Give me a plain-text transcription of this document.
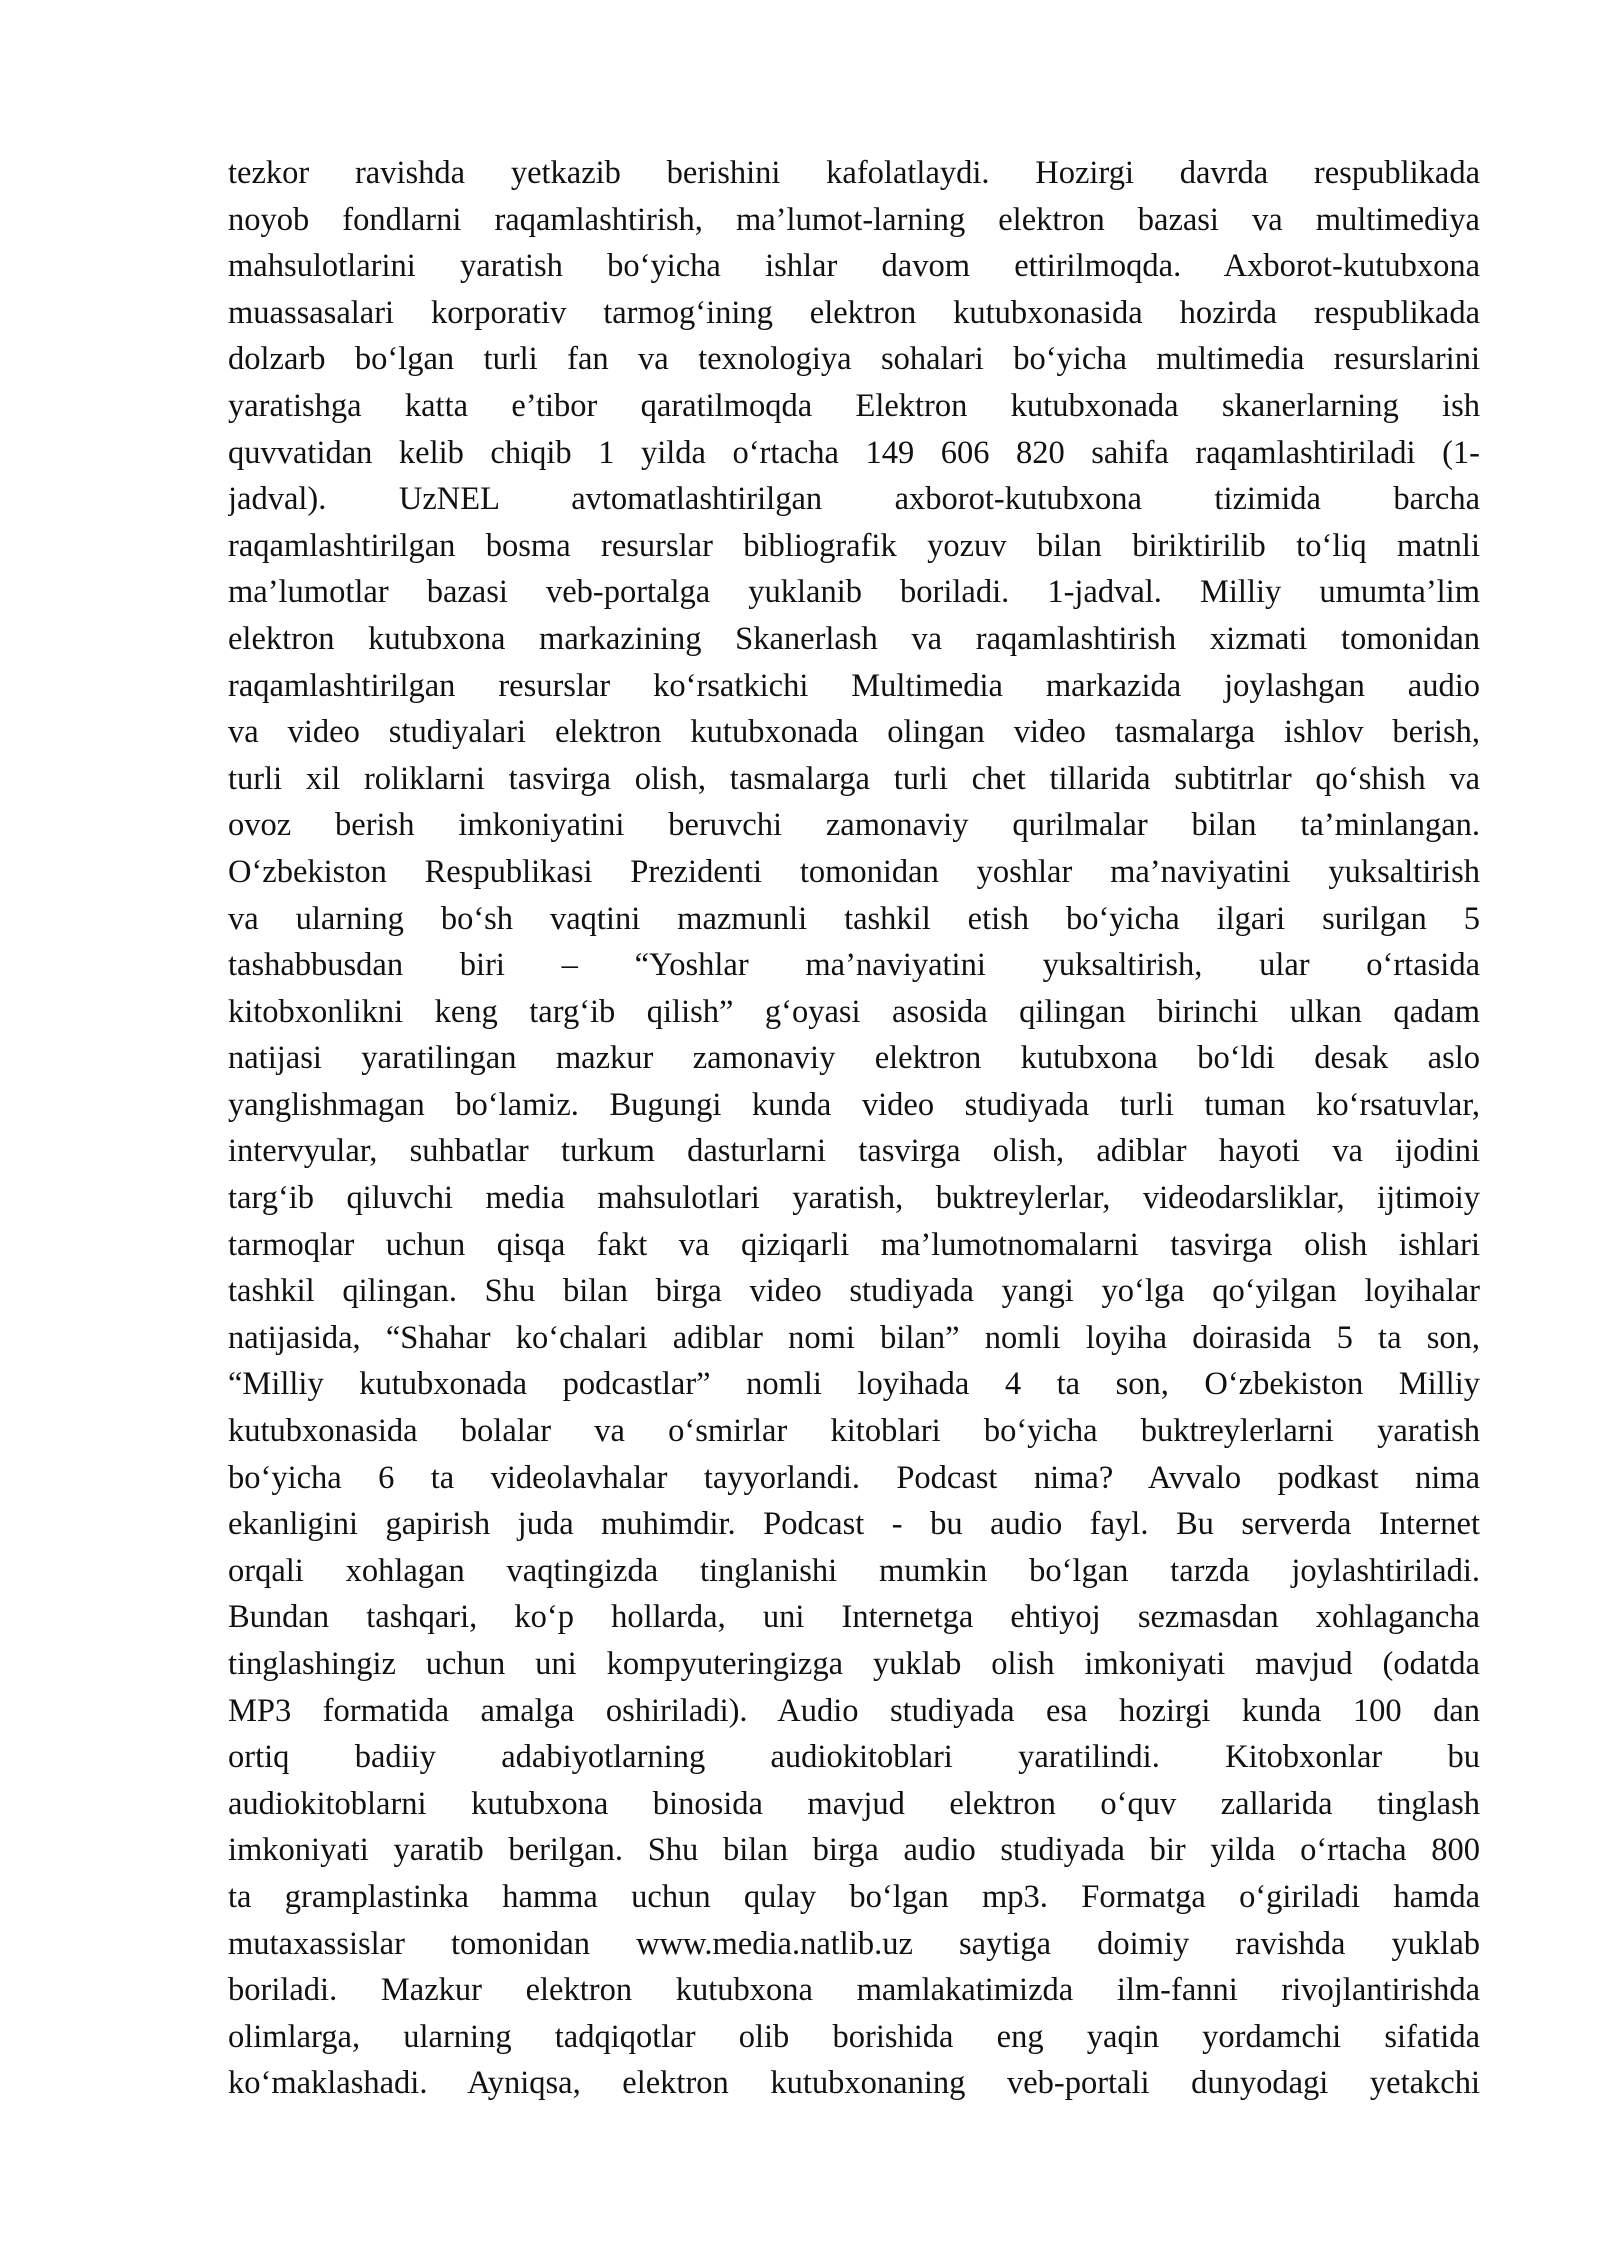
tezkor ravishda yetkazib berishini kafolatlaydi. Hozirgi davrda respublikada
noyob fondlarni raqamlashtirish, ma’lumot-larning elektron bazasi va multimediya
mahsulotlarini yaratish bo‘yicha ishlar davom ettirilmoqda. Axborot-kutubxona
muassasalari korporativ tarmog‘ining elektron kutubxonasida hozirda respublikada
dolzarb bo‘lgan turli fan va texnologiya sohalari bo‘yicha multimedia resurslarini
yaratishga katta e’tibor qaratilmoqda Elektron kutubxonada skanerlarning ish
quvvatidan kelib chiqib 1 yilda o‘rtacha 149 606 820 sahifa raqamlashtiriladi (1-
jadval). UzNEL avtomatlashtirilgan axborot-kutubxona tizimida barcha
raqamlashtirilgan bosma resurslar bibliografik yozuv bilan biriktirilib to‘liq matnli
ma’lumotlar bazasi veb-portalga yuklanib boriladi. 1-jadval. Milliy umumta’lim
elektron kutubxona markazining Skanerlash va raqamlashtirish xizmati tomonidan
raqamlashtirilgan resurslar ko‘rsatkichi Multimedia markazida joylashgan audio
va video studiyalari elektron kutubxonada olingan video tasmalarga ishlov berish,
turli xil roliklarni tasvirga olish, tasmalarga turli chet tillarida subtitrlar qo‘shish va
ovoz berish imkoniyatini beruvchi zamonaviy qurilmalar bilan ta’minlangan.
O‘zbekiston Respublikasi Prezidenti tomonidan yoshlar ma’naviyatini yuksaltirish
va ularning bo‘sh vaqtini mazmunli tashkil etish bo‘yicha ilgari surilgan 5
tashabbusdan biri – “Yoshlar ma’naviyatini yuksaltirish, ular o‘rtasida
kitobxonlikni keng targ‘ib qilish” g‘oyasi asosida qilingan birinchi ulkan qadam
natijasi yaratilingan mazkur zamonaviy elektron kutubxona bo‘ldi desak aslo
yanglishmagan bo‘lamiz. Bugungi kunda video studiyada turli tuman ko‘rsatuvlar,
intervyular, suhbatlar turkum dasturlarni tasvirga olish, adiblar hayoti va ijodini
targ‘ib qiluvchi media mahsulotlari yaratish, buktreylerlar, videodarsliklar, ijtimoiy
tarmoqlar uchun qisqa fakt va qiziqarli ma’lumotnomalarni tasvirga olish ishlari
tashkil qilingan. Shu bilan birga video studiyada yangi yo‘lga qo‘yilgan loyihalar
natijasida, “Shahar ko‘chalari adiblar nomi bilan” nomli loyiha doirasida 5 ta son,
“Milliy kutubxonada podcastlar” nomli loyihada 4 ta son, O‘zbekiston Milliy
kutubxonasida bolalar va o‘smirlar kitoblari bo‘yicha buktreylerlarni yaratish
bo‘yicha 6 ta videolavhalar tayyorlandi. Podcast nima? Avvalo podkast nima
ekanligini gapirish juda muhimdir. Podcast - bu audio fayl. Bu serverda Internet
orqali xohlagan vaqtingizda tinglanishi mumkin bo‘lgan tarzda joylashtiriladi.
Bundan tashqari, ko‘p hollarda, uni Internetga ehtiyoj sezmasdan xohlagancha
tinglashingiz uchun uni kompyuteringizga yuklab olish imkoniyati mavjud (odatda
MP3 formatida amalga oshiriladi). Audio studiyada esa hozirgi kunda 100 dan
ortiq badiiy adabiyotlarning audiokitoblari yaratilindi. Kitobxonlar bu
audiokitoblarni kutubxona binosida mavjud elektron o‘quv zallarida tinglash
imkoniyati yaratib berilgan. Shu bilan birga audio studiyada bir yilda o‘rtacha 800
ta gramplastinka hamma uchun qulay bo‘lgan mp3. Formatga o‘giriladi hamda
mutaxassislar tomonidan www.media.natlib.uz saytiga doimiy ravishda yuklab
boriladi. Mazkur elektron kutubxona mamlakatimizda ilm-fanni rivojlantirishda
olimlarga, ularning tadqiqotlar olib borishida eng yaqin yordamchi sifatida
ko‘maklashadi. Ayniqsa, elektron kutubxonaning veb-portali dunyodagi yetakchi
